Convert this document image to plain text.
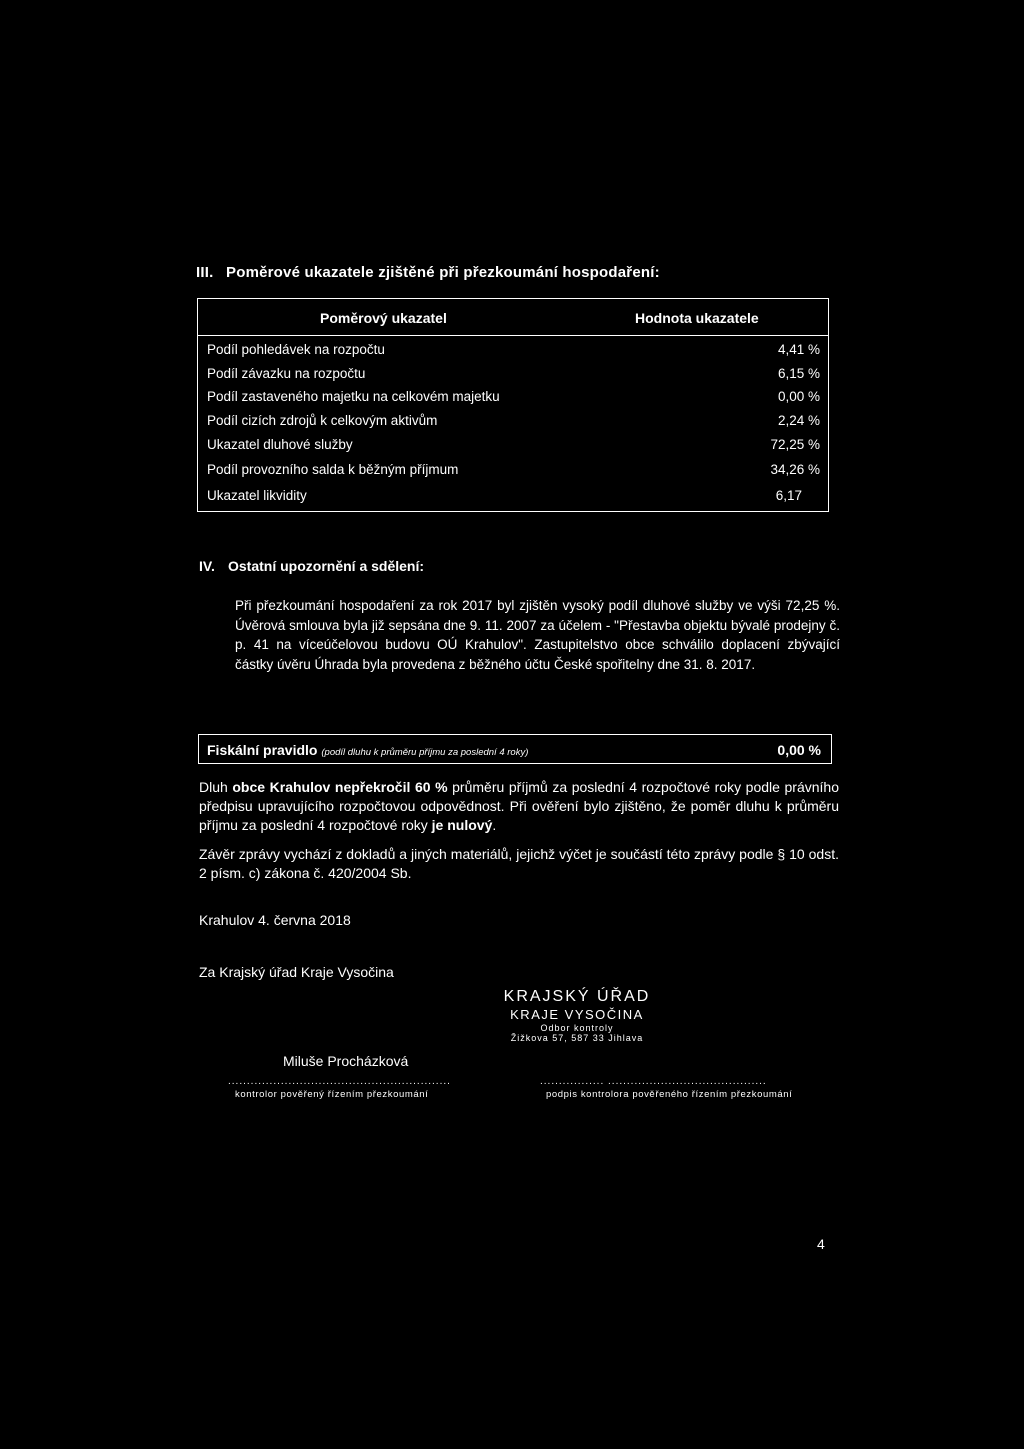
III. Poměrové ukazatele zjištěné při přezkoumání hospodaření:
Poměrový ukazatel	Hodnota ukazatele
Podíl pohledávek na rozpočtu	4,41 %
Podíl závazku na rozpočtu	6,15 %
Podíl zastaveného majetku na celkovém majetku	0,00 %
Podíl cizích zdrojů k celkovým aktivům	2,24 %
Ukazatel dluhové služby	72,25 %
Podíl provozního salda k běžným příjmum	34,26 %
Ukazatel likvidity	6,17
IV. Ostatní upozornění a sdělení:
Při přezkoumání hospodaření za rok 2017 byl zjištěn vysoký podíl dluhové služby ve výši 72,25 %. Úvěrová smlouva byla již sepsána dne 9. 11. 2007 za účelem - "Přestavba objektu bývalé prodejny č. p. 41 na víceúčelovou budovu OÚ Krahulov". Zastupitelstvo obce schválilo doplacení zbývající částky úvěru Úhrada byla provedena z běžného účtu České spořitelny dne 31. 8. 2017.
Fiskální pravidlo (podíl dluhu k průměru příjmu za poslední 4 roky)	0,00 %
Dluh obce Krahulov nepřekročil 60 % průměru příjmů za poslední 4 rozpočtové roky podle právního předpisu upravujícího rozpočtovou odpovědnost. Při ověření bylo zjištěno, že poměr dluhu k průměru příjmu za poslední 4 rozpočtové roky je nulový.
Závěr zprávy vychází z dokladů a jiných materiálů, jejichž výčet je součástí této zprávy podle § 10 odst. 2 písm. c) zákona č. 420/2004 Sb.
Krahulov 4. června 2018
Za Krajský úřad Kraje Vysočina
KRAJSKÝ ÚŘAD
KRAJE VYSOČINA
Odbor kontroly
Žižkova 57, 587 33 Jihlava
Miluše Procházková
...........................................................	................. ..........................................
kontrolor pověřený řízením přezkoumání	podpis kontrolora pověřeného řízením přezkoumání
4
